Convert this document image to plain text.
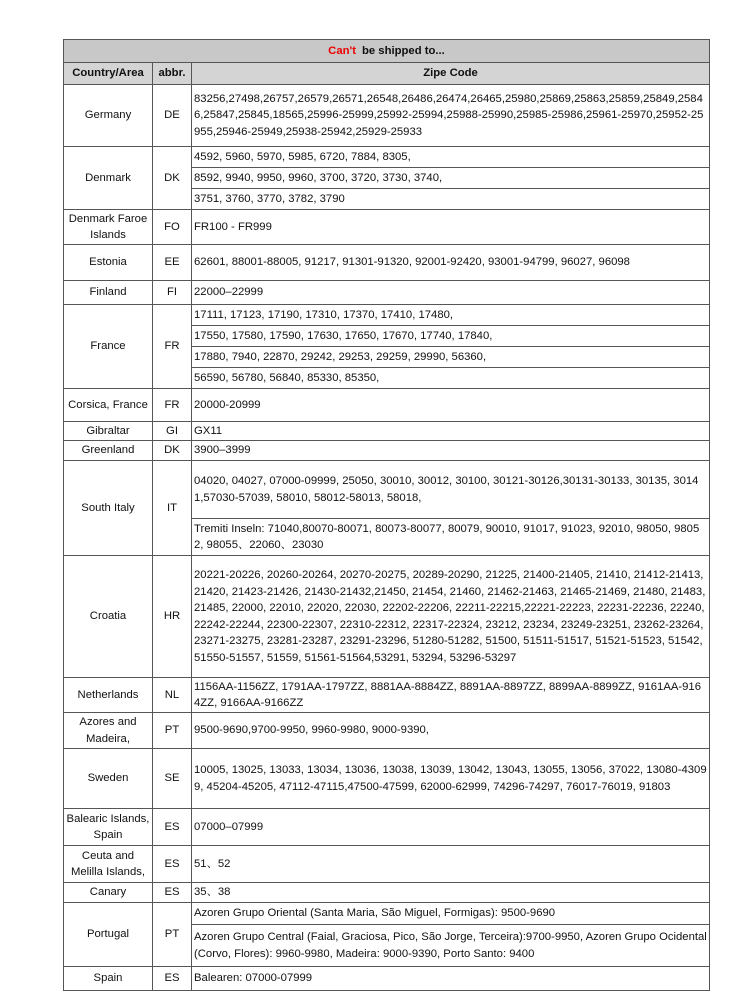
Can't be shipped to...		
Country/Area	abbr.	Zipe Code
Germany	DE	83256,27498,26757,26579,26571,26548,26486,26474,26465,25980,25869,25863,25859,25849,25846,25847,25845,18565,25996-25999,25992-25994,25988-25990,25985-25986,25961-25970,25952-25955,25946-25949,25938-25942,25929-25933
Denmark	DK	4592, 5960, 5970, 5985, 6720, 7884, 8305,
		8592, 9940, 9950, 9960, 3700, 3720, 3730, 3740,
		3751, 3760, 3770, 3782, 3790
Denmark Faroe Islands	FO	FR100 - FR999
Estonia	EE	62601, 88001-88005, 91217, 91301-91320, 92001-92420, 93001-94799, 96027, 96098
Finland	FI	22000–22999
France	FR	17111, 17123, 17190, 17310, 17370, 17410, 17480,
		17550, 17580, 17590, 17630, 17650, 17670, 17740, 17840,
		17880, 7940, 22870, 29242, 29253, 29259, 29990, 56360,
		56590, 56780, 56840, 85330, 85350,
Corsica, France	FR	20000-20999
Gibraltar	GI	GX11
Greenland	DK	3900–3999
South Italy	IT	04020, 04027, 07000-09999, 25050, 30010, 30012, 30100, 30121-30126,30131-30133, 30135, 30141,57030-57039, 58010, 58012-58013, 58018,
		Tremiti Inseln: 71040,80070-80071, 80073-80077, 80079, 90010, 91017, 91023, 92010, 98050, 98052, 98055、22060、23030
Croatia	HR	20221-20226, 20260-20264, 20270-20275, 20289-20290, 21225, 21400-21405, 21410, 21412-21413, 21420, 21423-21426, 21430-21432,21450, 21454, 21460, 21462-21463, 21465-21469, 21480, 21483, 21485, 22000, 22010, 22020, 22030, 22202-22206, 22211-22215,22221-22223, 22231-22236, 22240, 22242-22244, 22300-22307, 22310-22312, 22317-22324, 23212, 23234, 23249-23251, 23262-23264,23271-23275, 23281-23287, 23291-23296, 51280-51282, 51500, 51511-51517, 51521-51523, 51542, 51550-51557, 51559, 51561-51564,53291, 53294, 53296-53297
Netherlands	NL	1156AA-1156ZZ, 1791AA-1797ZZ, 8881AA-8884ZZ, 8891AA-8897ZZ, 8899AA-8899ZZ, 9161AA-9164ZZ, 9166AA-9166ZZ
Azores and Madeira,	PT	9500-9690,9700-9950, 9960-9980, 9000-9390,
Sweden	SE	10005, 13025, 13033, 13034, 13036, 13038, 13039, 13042, 13043, 13055, 13056, 37022, 13080-43099, 45204-45205, 47112-47115,47500-47599, 62000-62999, 74296-74297, 76017-76019, 91803
Balearic Islands, Spain	ES	07000–07999
Ceuta and Melilla Islands,	ES	51、52
Canary	ES	35、38
Portugal	PT	Azoren Grupo Oriental (Santa Maria, São Miguel, Formigas): 9500-9690
		Azoren Grupo Central (Faial, Graciosa, Pico, São Jorge, Terceira):9700-9950, Azoren Grupo Ocidental (Corvo, Flores): 9960-9980, Madeira: 9000-9390, Porto Santo: 9400
Spain	ES	Balearen: 07000-07999
